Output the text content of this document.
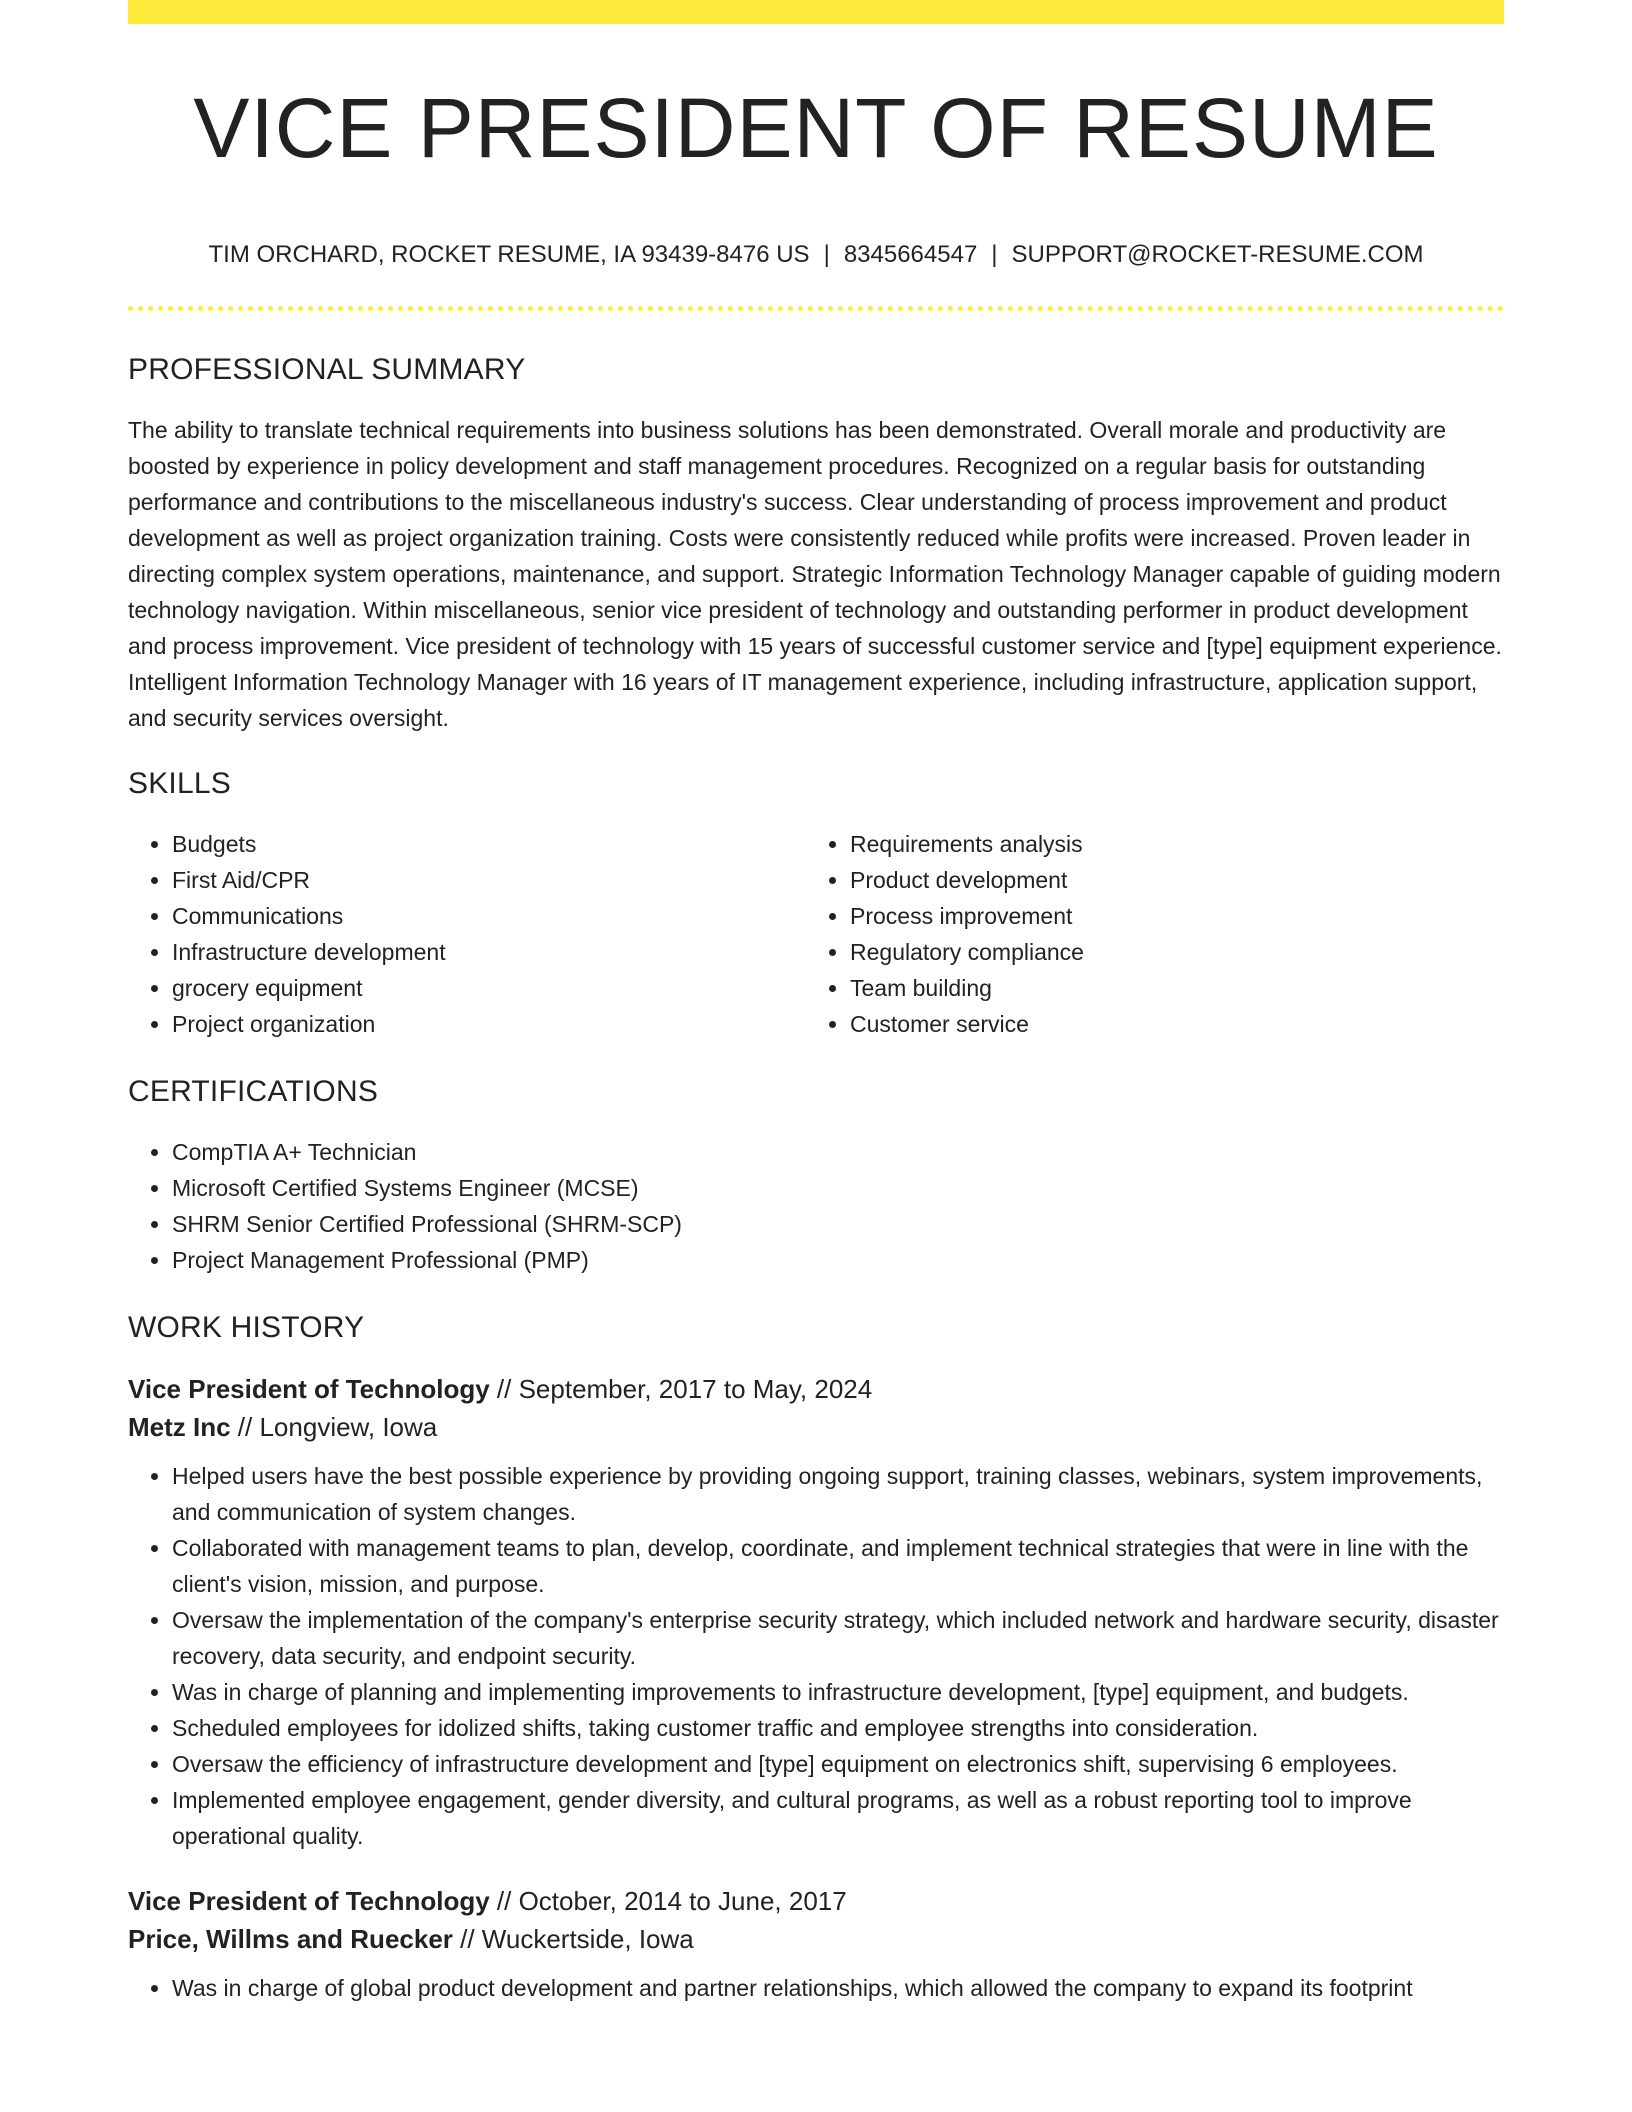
VICE PRESIDENT OF RESUME
TIM ORCHARD, ROCKET RESUME, IA 93439-8476 US | 8345664547 | SUPPORT@ROCKET-RESUME.COM
PROFESSIONAL SUMMARY

The ability to translate technical requirements into business solutions has been demonstrated. Overall morale and productivity are boosted by experience in policy development and staff management procedures. Recognized on a regular basis for outstanding performance and contributions to the miscellaneous industry's success. Clear understanding of process improvement and product development as well as project organization training. Costs were consistently reduced while profits were increased. Proven leader in directing complex system operations, maintenance, and support. Strategic Information Technology Manager capable of guiding modern technology navigation. Within miscellaneous, senior vice president of technology and outstanding performer in product development and process improvement. Vice president of technology with 15 years of successful customer service and [type] equipment experience. Intelligent Information Technology Manager with 16 years of IT management experience, including infrastructure, application support, and security services oversight.

SKILLS
• Budgets
• First Aid/CPR
• Communications
• Infrastructure development
• grocery equipment
• Project organization
• Requirements analysis
• Product development
• Process improvement
• Regulatory compliance
• Team building
• Customer service
CERTIFICATIONS
• CompTIA A+ Technician
• Microsoft Certified Systems Engineer (MCSE)
• SHRM Senior Certified Professional (SHRM-SCP)
• Project Management Professional (PMP)
WORK HISTORY

Vice President of Technology // September, 2017 to May, 2024

Metz Inc // Longview, Iowa

• Helped users have the best possible experience by providing ongoing support, training classes, webinars, system improvements, and communication of system changes.
• Collaborated with management teams to plan, develop, coordinate, and implement technical strategies that were in line with the client's vision, mission, and purpose.
• Oversaw the implementation of the company's enterprise security strategy, which included network and hardware security, disaster recovery, data security, and endpoint security.
• Was in charge of planning and implementing improvements to infrastructure development, [type] equipment, and budgets.
• Scheduled employees for idolized shifts, taking customer traffic and employee strengths into consideration.
• Oversaw the efficiency of infrastructure development and [type] equipment on electronics shift, supervising 6 employees.
• Implemented employee engagement, gender diversity, and cultural programs, as well as a robust reporting tool to improve operational quality.

Vice President of Technology // October, 2014 to June, 2017

Price, Willms and Ruecker // Wuckertside, Iowa

• Was in charge of global product development and partner relationships, which allowed the company to expand its footprint
